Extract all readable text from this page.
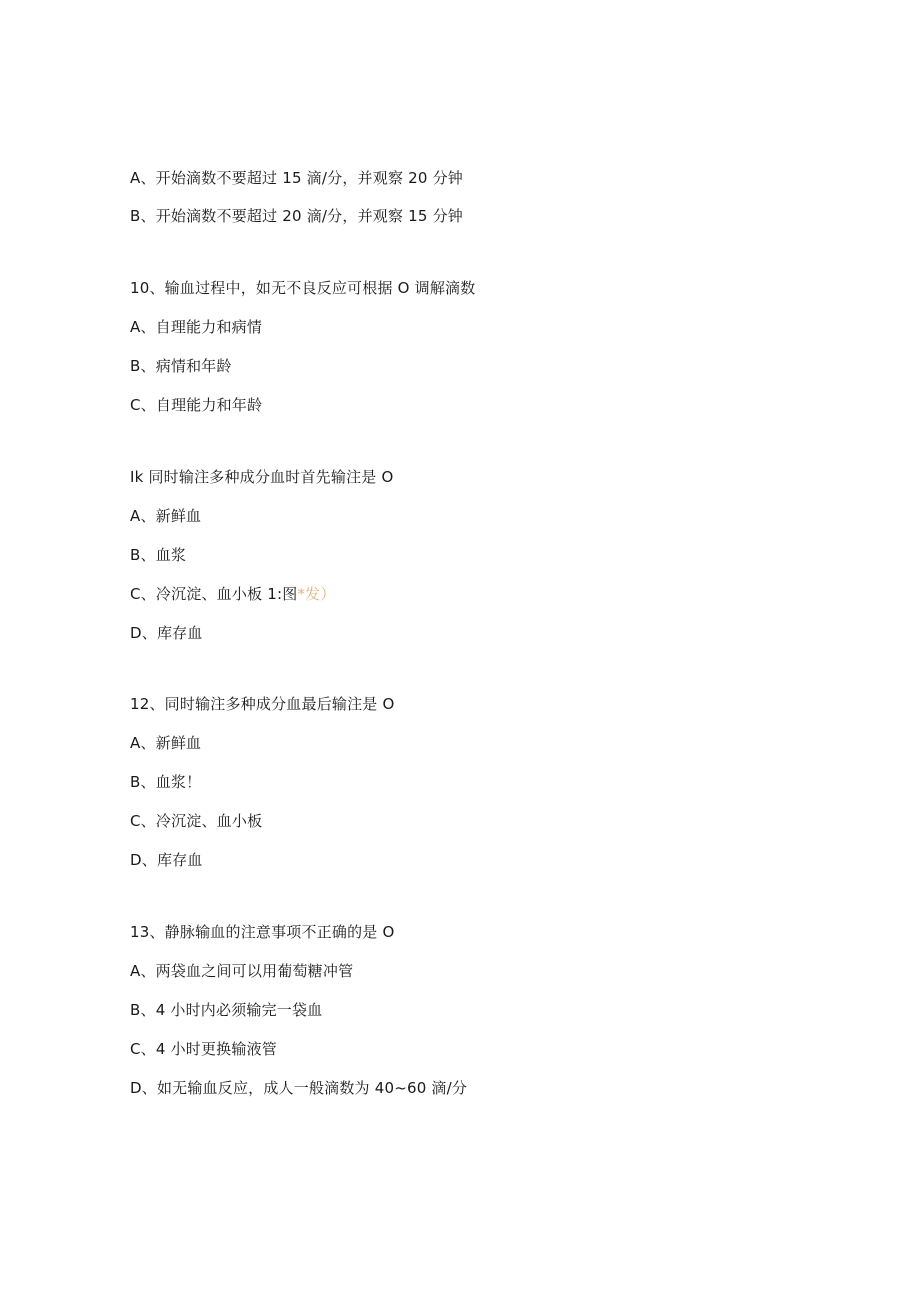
A、开始滴数不要超过 15 滴/分，并观察 20 分钟
B、开始滴数不要超过 20 滴/分，并观察 15 分钟
10、输血过程中，如无不良反应可根据 O 调解滴数
A、自理能力和病情
B、病情和年龄
C、自理能力和年龄
Ik 同时输注多种成分血时首先输注是 O
A、新鲜血
B、血浆
C、冷沉淀、血小板 1:图*发）
D、库存血
12、同时输注多种成分血最后输注是 O
A、新鲜血
B、血浆！
C、冷沉淀、血小板
D、库存血
13、静脉输血的注意事项不正确的是 O
A、两袋血之间可以用葡萄糖冲管
B、4 小时内必须输完一袋血
C、4 小时更换输液管
D、如无输血反应，成人一般滴数为 40~60 滴/分
